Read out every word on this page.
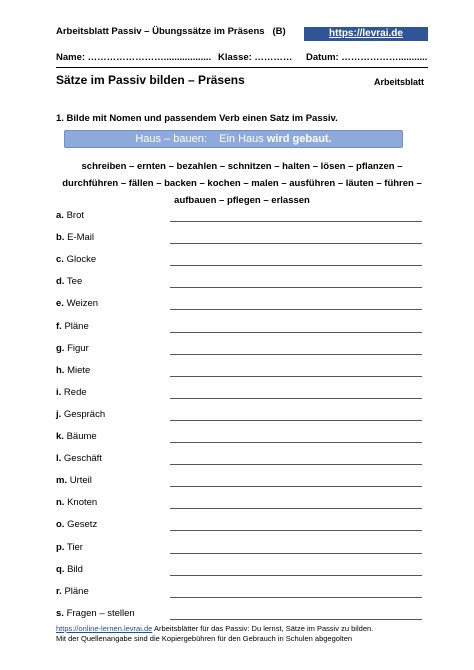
Arbeitsblatt Passiv – Übungssätze im Präsens (B)	https://levrai.de
Name: …………………….................. Klasse: ………… Datum: ………………...........
Sätze im Passiv bilden – Präsens	Arbeitsblatt
1. Bilde mit Nomen und passendem Verb einen Satz im Passiv.
Haus – bauen: Ein Haus wird gebaut.
schreiben – ernten – bezahlen – schnitzen – halten – lösen – pflanzen –
durchführen – fällen – backen – kochen – malen – ausführen – läuten – führen –
aufbauen – pflegen – erlassen
a. Brot
b. E-Mail
c. Glocke
d. Tee
e. Weizen
f. Pläne
g. Figur
h. Miete
i. Rede
j. Gespräch
k. Bäume
l. Geschäft
m. Urteil
n. Knoten
o. Gesetz
p. Tier
q. Bild
r. Pläne
s. Fragen – stellen
https://online-lernen.levrai.de Arbeitsblätter für das Passiv: Du lernst, Sätze im Passiv zu bilden.
Mit der Quellenangabe sind die Kopiergebühren für den Gebrauch in Schulen abgegolten
